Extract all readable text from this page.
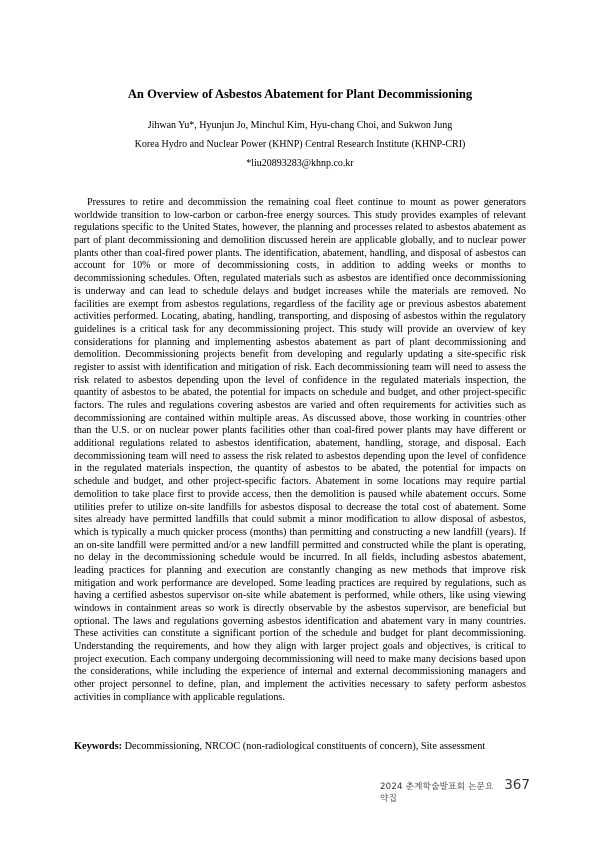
An Overview of Asbestos Abatement for Plant Decommissioning

Jihwan Yu*, Hyunjun Jo, Minchul Kim, Hyu-chang Choi, and Sukwon Jung

Korea Hydro and Nuclear Power (KHNP) Central Research Institute (KHNP-CRI)

*liu20893283@khnp.co.kr

Pressures to retire and decommission the remaining coal fleet continue to mount as power generators worldwide transition to low-carbon or carbon-free energy sources. This study provides examples of relevant regulations specific to the United States, however, the planning and processes related to asbestos abatement as part of plant decommissioning and demolition discussed herein are applicable globally, and to nuclear power plants other than coal-fired power plants. The identification, abatement, handling, and disposal of asbestos can account for 10% or more of decommissioning costs, in addition to adding weeks or months to decommissioning schedules. Often, regulated materials such as asbestos are identified once decommissioning is underway and can lead to schedule delays and budget increases while the materials are removed. No facilities are exempt from asbestos regulations, regardless of the facility age or previous asbestos abatement activities performed. Locating, abating, handling, transporting, and disposing of asbestos within the regulatory guidelines is a critical task for any decommissioning project. This study will provide an overview of key considerations for planning and implementing asbestos abatement as part of plant decommissioning and demolition. Decommissioning projects benefit from developing and regularly updating a site-specific risk register to assist with identification and mitigation of risk. Each decommissioning team will need to assess the risk related to asbestos depending upon the level of confidence in the regulated materials inspection, the quantity of asbestos to be abated, the potential for impacts on schedule and budget, and other project-specific factors. The rules and regulations covering asbestos are varied and often requirements for activities such as decommissioning are contained within multiple areas. As discussed above, those working in countries other than the U.S. or on nuclear power plants facilities other than coal-fired power plants may have different or additional regulations related to asbestos identification, abatement, handling, storage, and disposal. Each decommissioning team will need to assess the risk related to asbestos depending upon the level of confidence in the regulated materials inspection, the quantity of asbestos to be abated, the potential for impacts on schedule and budget, and other project-specific factors. Abatement in some locations may require partial demolition to take place first to provide access, then the demolition is paused while abatement occurs. Some utilities prefer to utilize on-site landfills for asbestos disposal to decrease the total cost of abatement. Some sites already have permitted landfills that could submit a minor modification to allow disposal of asbestos, which is typically a much quicker process (months) than permitting and constructing a new landfill (years). If an on-site landfill were permitted and/or a new landfill permitted and constructed while the plant is operating, no delay in the decommissioning schedule would be incurred. In all fields, including asbestos abatement, leading practices for planning and execution are constantly changing as new methods that improve risk mitigation and work performance are developed. Some leading practices are required by regulations, such as having a certified asbestos supervisor on-site while abatement is performed, while others, like using viewing windows in containment areas so work is directly observable by the asbestos supervisor, are beneficial but optional. The laws and regulations governing asbestos identification and abatement vary in many countries. These activities can constitute a significant portion of the schedule and budget for plant decommissioning. Understanding the requirements, and how they align with larger project goals and objectives, is critical to project execution. Each company undergoing decommissioning will need to make many decisions based upon the considerations, while including the experience of internal and external decommissioning managers and other project personnel to define, plan, and implement the activities necessary to safety perform asbestos activities in compliance with applicable regulations.

Keywords: Decommissioning, NRCOC (non-radiological constituents of concern), Site assessment

2024 춘계학술발표회 논문요약집
367
